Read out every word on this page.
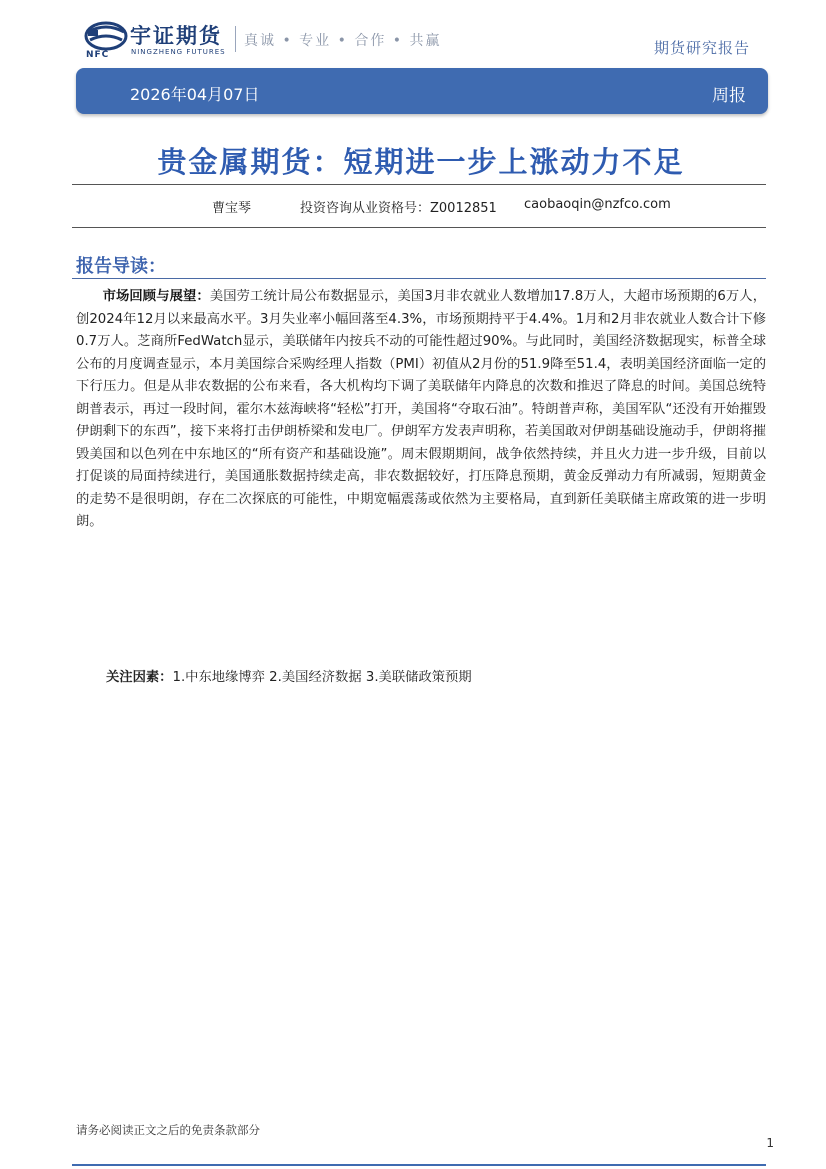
NFC
宇证期货
NINGZHENG FUTURES
真诚 • 专业 • 合作 • 共赢	期货研究报告
2026年04月07日	周报
贵金属期货：短期进一步上涨动力不足
曹宝琴	投资咨询从业资格号：Z0012851 caobaoqin@nzfco.com
报告导读：
市场回顾与展望：美国劳工统计局公布数据显示，美国3月非农就业人数增加17.8万人，大超市场预期的6万人，创2024年12月以来最高水平。3月失业率小幅回落至4.3%，市场预期持平于4.4%。1月和2月非农就业人数合计下修0.7万人。芝商所FedWatch显示，美联储年内按兵不动的可能性超过90%。与此同时，美国经济数据现实，标普全球公布的月度调查显示，本月美国综合采购经理人指数（PMI）初值从2月份的51.9降至51.4，表明美国经济面临一定的下行压力。但是从非农数据的公布来看，各大机构均下调了美联储年内降息的次数和推迟了降息的时间。美国总统特朗普表示，再过一段时间，霍尔木兹海峡将“轻松”打开，美国将“夺取石油”。特朗普声称，美国军队“还没有开始摧毁伊朗剩下的东西”，接下来将打击伊朗桥梁和发电厂。伊朗军方发表声明称，若美国敢对伊朗基础设施动手，伊朗将摧毁美国和以色列在中东地区的“所有资产和基础设施”。周末假期期间，战争依然持续，并且火力进一步升级，目前以打促谈的局面持续进行，美国通胀数据持续走高，非农数据较好，打压降息预期，黄金反弹动力有所减弱，短期黄金的走势不是很明朗，存在二次探底的可能性，中期宽幅震荡或依然为主要格局，直到新任美联储主席政策的进一步明朗。
关注因素：1.中东地缘博弈 2.美国经济数据 3.美联储政策预期
请务必阅读正文之后的免责条款部分
1
